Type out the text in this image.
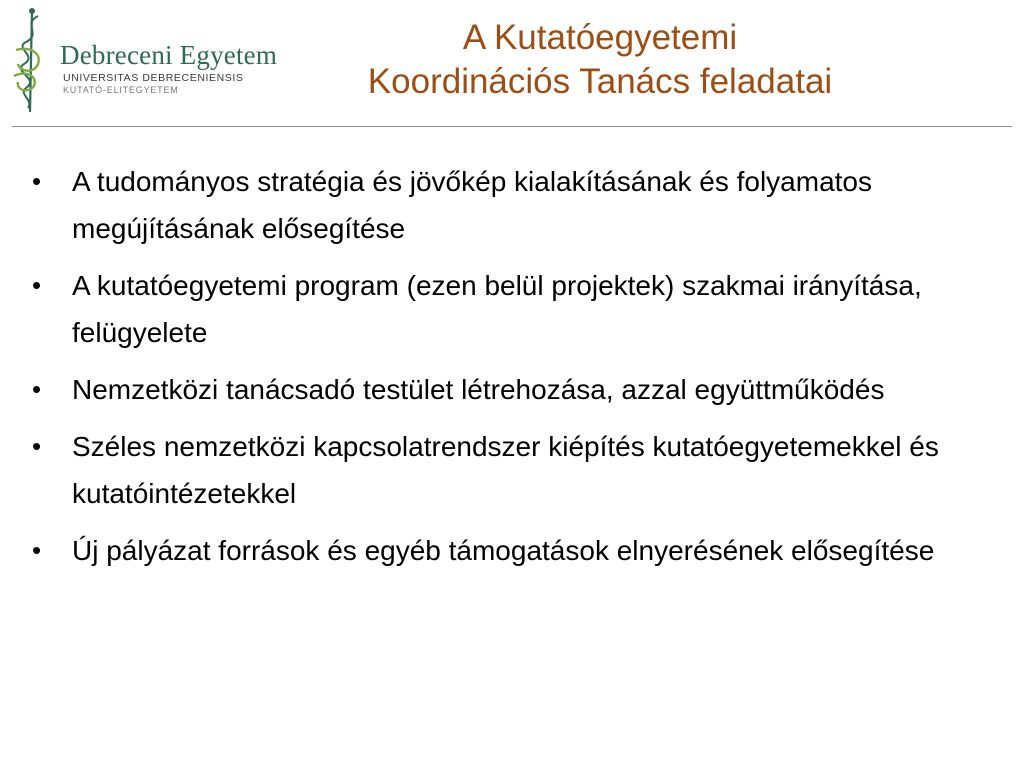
Debreceni Egyetem
UNIVERSITAS DEBRECENIENSIS
KUTATÓ-ELITEGYETEM
A Kutatóegyetemi
Koordinációs Tanács feladatai
• A tudományos stratégia és jövőkép kialakításának és folyamatos megújításának elősegítése
• A kutatóegyetemi program (ezen belül projektek) szakmai irányítása, felügyelete
• Nemzetközi tanácsadó testület létrehozása, azzal együttműködés
• Széles nemzetközi kapcsolatrendszer kiépítés kutatóegyetemekkel és kutatóintézetekkel
• Új pályázat források és egyéb támogatások elnyerésének elősegítése
